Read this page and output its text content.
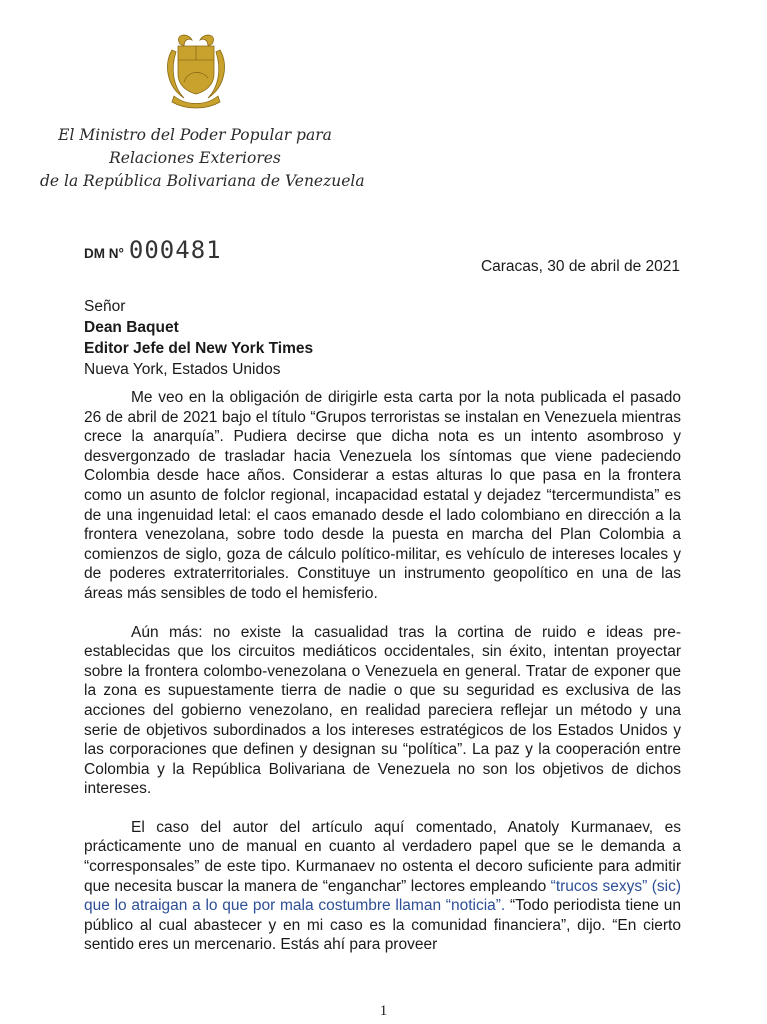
El Ministro del Poder Popular para
Relaciones Exteriores
de la República Bolivariana de Venezuela
DM N° 000481
Caracas, 30 de abril de 2021
Señor
Dean Baquet
Editor Jefe del New York Times
Nueva York, Estados Unidos

Me veo en la obligación de dirigirle esta carta por la nota publicada el pasado 26 de abril de 2021 bajo el título “Grupos terroristas se instalan en Venezuela mientras crece la anarquía”. Pudiera decirse que dicha nota es un intento asombroso y desvergonzado de trasladar hacia Venezuela los síntomas que viene padeciendo Colombia desde hace años. Considerar a estas alturas lo que pasa en la frontera como un asunto de folclor regional, incapacidad estatal y dejadez “tercermundista” es de una ingenuidad letal: el caos emanado desde el lado colombiano en dirección a la frontera venezolana, sobre todo desde la puesta en marcha del Plan Colombia a comienzos de siglo, goza de cálculo político-militar, es vehículo de intereses locales y de poderes extraterritoriales. Constituye un instrumento geopolítico en una de las áreas más sensibles de todo el hemisferio.

Aún más: no existe la casualidad tras la cortina de ruido e ideas pre-establecidas que los circuitos mediáticos occidentales, sin éxito, intentan proyectar sobre la frontera colombo-venezolana o Venezuela en general. Tratar de exponer que la zona es supuestamente tierra de nadie o que su seguridad es exclusiva de las acciones del gobierno venezolano, en realidad pareciera reflejar un método y una serie de objetivos subordinados a los intereses estratégicos de los Estados Unidos y las corporaciones que definen y designan su “política”. La paz y la cooperación entre Colombia y la República Bolivariana de Venezuela no son los objetivos de dichos intereses.

El caso del autor del artículo aquí comentado, Anatoly Kurmanaev, es prácticamente uno de manual en cuanto al verdadero papel que se le demanda a “corresponsales” de este tipo. Kurmanaev no ostenta el decoro suficiente para admitir que necesita buscar la manera de “enganchar” lectores empleando “trucos sexys” (sic) que lo atraigan a lo que por mala costumbre llaman “noticia”. “Todo periodista tiene un público al cual abastecer y en mi caso es la comunidad financiera”, dijo. “En cierto sentido eres un mercenario. Estás ahí para proveer

1
